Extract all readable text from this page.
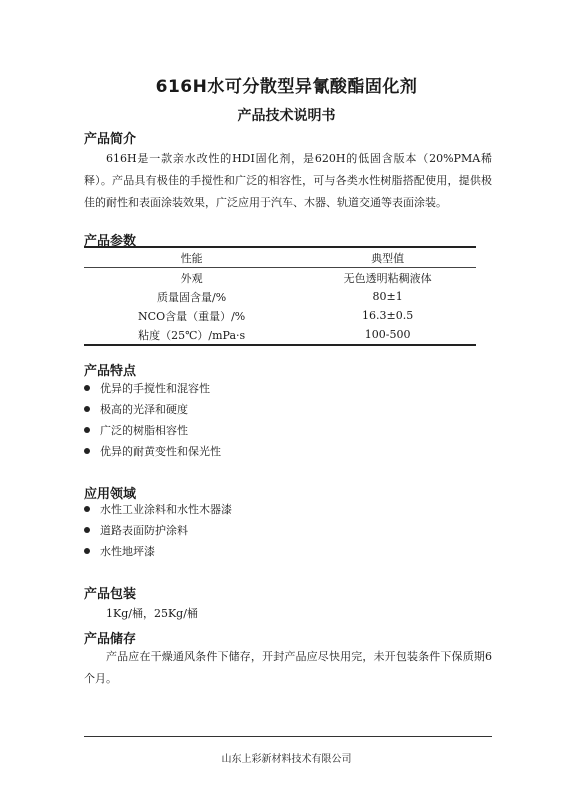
616H水可分散型异氰酸酯固化剂
产品技术说明书
产品简介
616H是一款亲水改性的HDI固化剂，是620H的低固含版本（20%PMA稀释）。产品具有极佳的手搅性和广泛的相容性，可与各类水性树脂搭配使用，提供极佳的耐性和表面涂装效果，广泛应用于汽车、木器、轨道交通等表面涂装。
产品参数
性能	典型值
外观	无色透明粘稠液体
质量固含量/%	80±1
NCO含量（重量）/%	16.3±0.5
粘度（25℃）/mPa·s	100-500
产品特点
优异的手搅性和混容性
极高的光泽和硬度
广泛的树脂相容性
优异的耐黄变性和保光性
应用领域
水性工业涂料和水性木器漆
道路表面防护涂料
水性地坪漆
产品包装
1Kg/桶，25Kg/桶
产品储存
产品应在干燥通风条件下储存，开封产品应尽快用完，未开包装条件下保质期6个月。
山东上彩新材料技术有限公司
